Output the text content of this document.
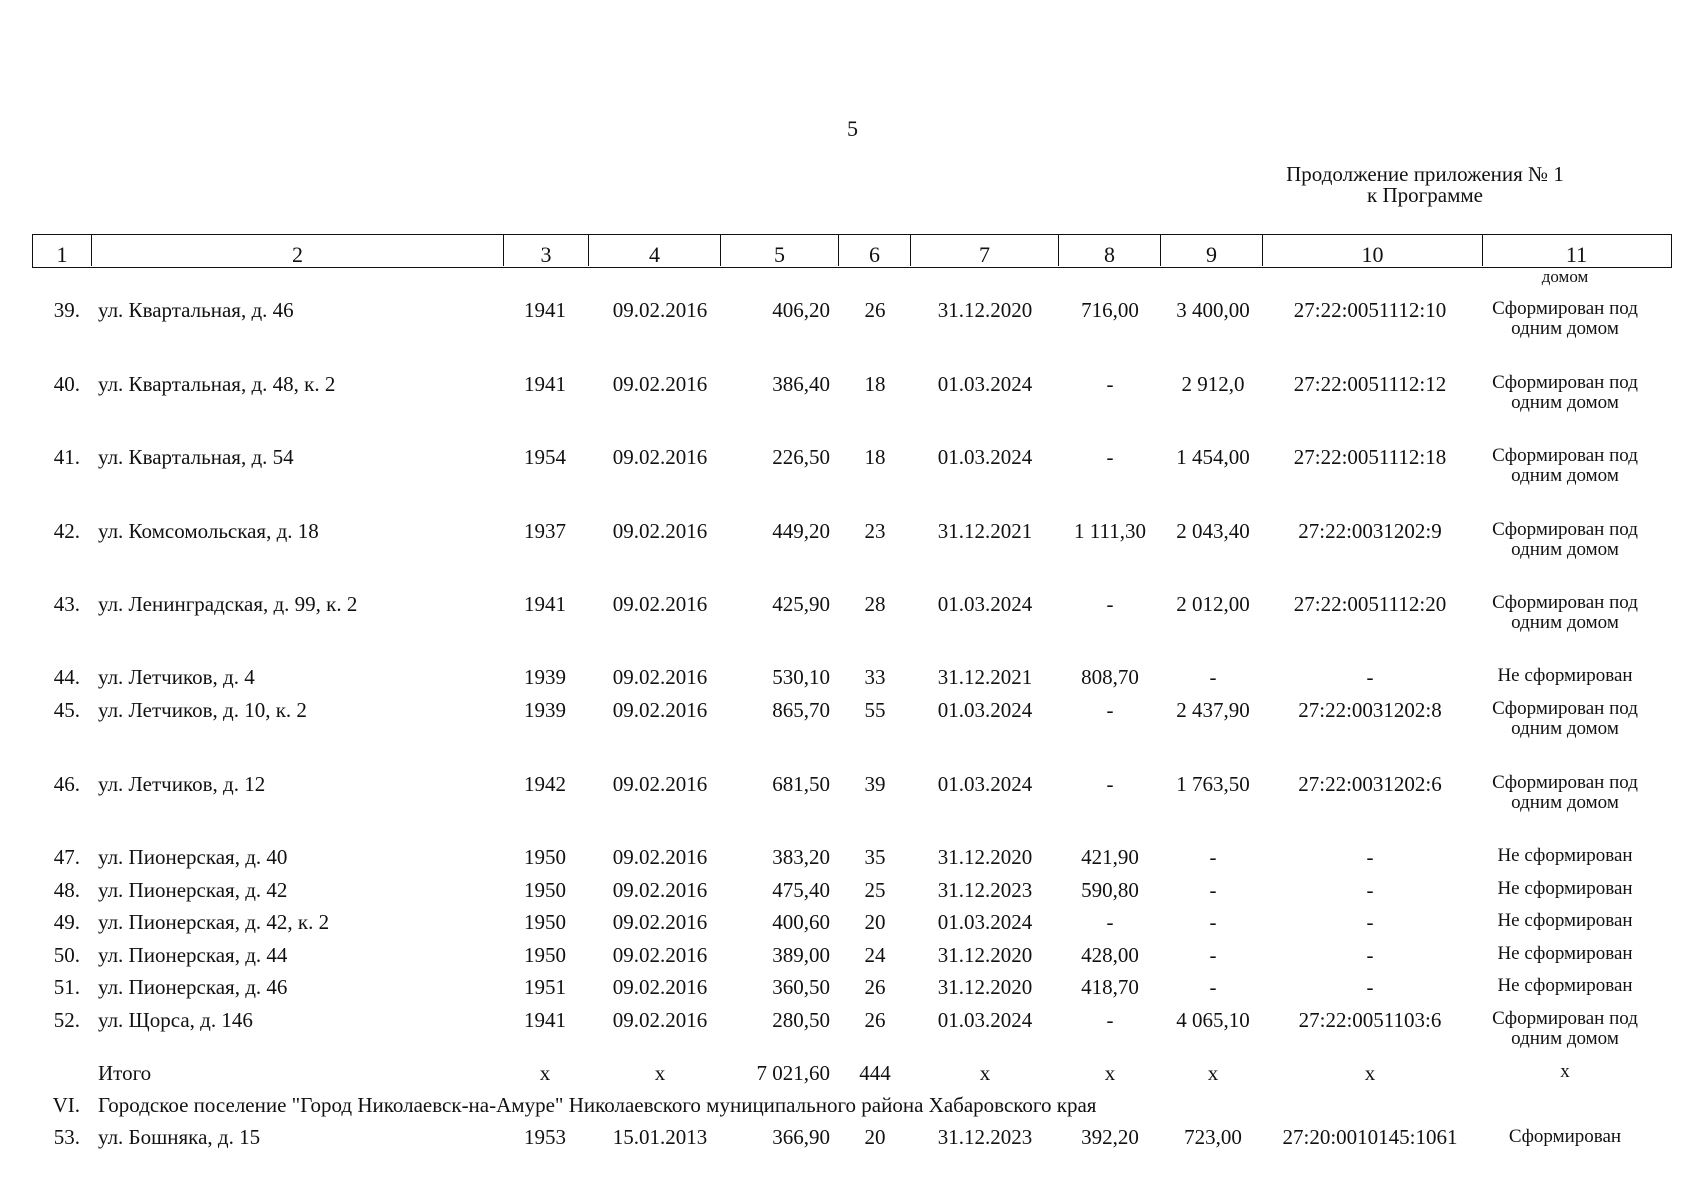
5
Продолжение приложения № 1
к Программе
1	2	3	4	5	6	7	8	9	10	11
домом
39. ул. Квартальная, д. 46	1941	09.02.2016	406,20	26	31.12.2020	716,00	3 400,00	27:22:0051112:10	Сформирован под одним домом
40. ул. Квартальная, д. 48, к. 2	1941	09.02.2016	386,40	18	01.03.2024	-	2 912,0	27:22:0051112:12	Сформирован под одним домом
41. ул. Квартальная, д. 54	1954	09.02.2016	226,50	18	01.03.2024	-	1 454,00	27:22:0051112:18	Сформирован под одним домом
42. ул. Комсомольская, д. 18	1937	09.02.2016	449,20	23	31.12.2021	1 111,30	2 043,40	27:22:0031202:9	Сформирован под одним домом
43. ул. Ленинградская, д. 99, к. 2	1941	09.02.2016	425,90	28	01.03.2024	-	2 012,00	27:22:0051112:20	Сформирован под одним домом
44. ул. Летчиков, д. 4	1939	09.02.2016	530,10	33	31.12.2021	808,70	-	-	Не сформирован
45. ул. Летчиков, д. 10, к. 2	1939	09.02.2016	865,70	55	01.03.2024	-	2 437,90	27:22:0031202:8	Сформирован под одним домом
46. ул. Летчиков, д. 12	1942	09.02.2016	681,50	39	01.03.2024	-	1 763,50	27:22:0031202:6	Сформирован под одним домом
47. ул. Пионерская, д. 40	1950	09.02.2016	383,20	35	31.12.2020	421,90	-	-	Не сформирован
48. ул. Пионерская, д. 42	1950	09.02.2016	475,40	25	31.12.2023	590,80	-	-	Не сформирован
49. ул. Пионерская, д. 42, к. 2	1950	09.02.2016	400,60	20	01.03.2024	-	-	-	Не сформирован
50. ул. Пионерская, д. 44	1950	09.02.2016	389,00	24	31.12.2020	428,00	-	-	Не сформирован
51. ул. Пионерская, д. 46	1951	09.02.2016	360,50	26	31.12.2020	418,70	-	-	Не сформирован
52. ул. Щорса, д. 146	1941	09.02.2016	280,50	26	01.03.2024	-	4 065,10	27:22:0051103:6	Сформирован под одним домом
Итого	х	х	7 021,60	444	х	х	х	х	х
VI. Городское поселение "Город Николаевск-на-Амуре" Николаевского муниципального района Хабаровского края
53. ул. Бошняка, д. 15	1953	15.01.2013	366,90	20	31.12.2023	392,20	723,00	27:20:0010145:1061	Сформирован
